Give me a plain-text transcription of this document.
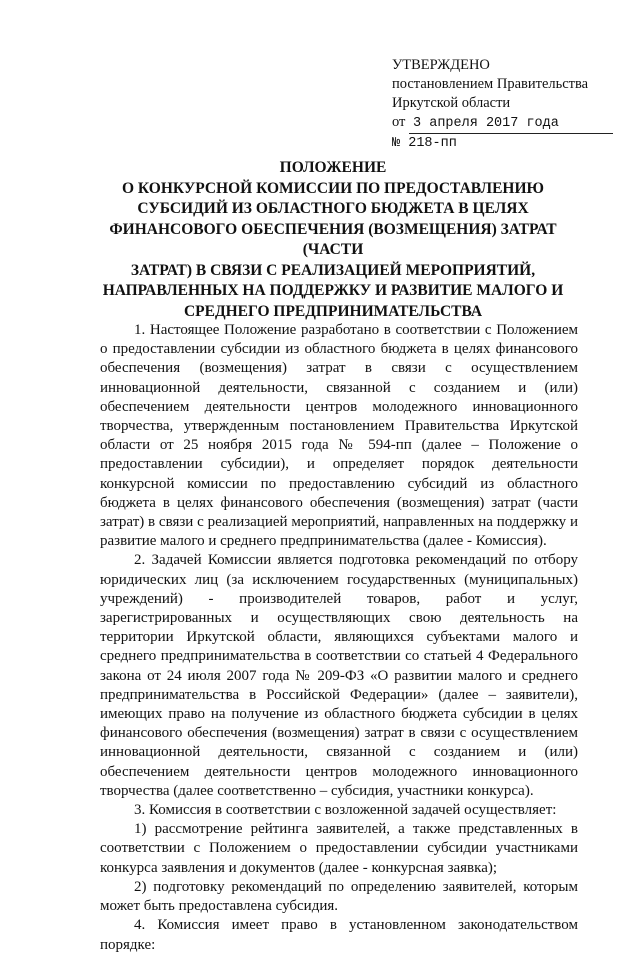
УТВЕРЖДЕНО
постановлением Правительства
Иркутской области
от 3 апреля 2017 года
№ 218-пп
ПОЛОЖЕНИЕ
О КОНКУРСНОЙ КОМИССИИ ПО ПРЕДОСТАВЛЕНИЮ
СУБСИДИЙ ИЗ ОБЛАСТНОГО БЮДЖЕТА В ЦЕЛЯХ
ФИНАНСОВОГО ОБЕСПЕЧЕНИЯ (ВОЗМЕЩЕНИЯ) ЗАТРАТ (ЧАСТИ
ЗАТРАТ) В СВЯЗИ С РЕАЛИЗАЦИЕЙ МЕРОПРИЯТИЙ,
НАПРАВЛЕННЫХ НА ПОДДЕРЖКУ И РАЗВИТИЕ МАЛОГО И
СРЕДНЕГО ПРЕДПРИНИМАТЕЛЬСТВА

1. Настоящее Положение разработано в соответствии с Положением о предоставлении субсидии из областного бюджета в целях финансового обеспечения (возмещения) затрат в связи с осуществлением инновационной деятельности, связанной с созданием и (или) обеспечением деятельности центров молодежного инновационного творчества, утвержденным постановлением Правительства Иркутской области от 25 ноября 2015 года № 594-пп (далее – Положение о предоставлении субсидии), и определяет порядок деятельности конкурсной комиссии по предоставлению субсидий из областного бюджета в целях финансового обеспечения (возмещения) затрат (части затрат) в связи с реализацией мероприятий, направленных на поддержку и развитие малого и среднего предпринимательства (далее - Комиссия).

2. Задачей Комиссии является подготовка рекомендаций по отбору юридических лиц (за исключением государственных (муниципальных) учреждений) - производителей товаров, работ и услуг, зарегистрированных и осуществляющих свою деятельность на территории Иркутской области, являющихся субъектами малого и среднего предпринимательства в соответствии со статьей 4 Федерального закона от 24 июля 2007 года № 209-ФЗ «О развитии малого и среднего предпринимательства в Российской Федерации» (далее – заявители), имеющих право на получение из областного бюджета субсидии в целях финансового обеспечения (возмещения) затрат в связи с осуществлением инновационной деятельности, связанной с созданием и (или) обеспечением деятельности центров молодежного инновационного творчества (далее соответственно – субсидия, участники конкурса).

3. Комиссия в соответствии с возложенной задачей осуществляет:

1) рассмотрение рейтинга заявителей, а также представленных в соответствии с Положением о предоставлении субсидии участниками конкурса заявления и документов (далее - конкурсная заявка);

2) подготовку рекомендаций по определению заявителей, которым может быть предоставлена субсидия.

4. Комиссия имеет право в установленном законодательством порядке:
